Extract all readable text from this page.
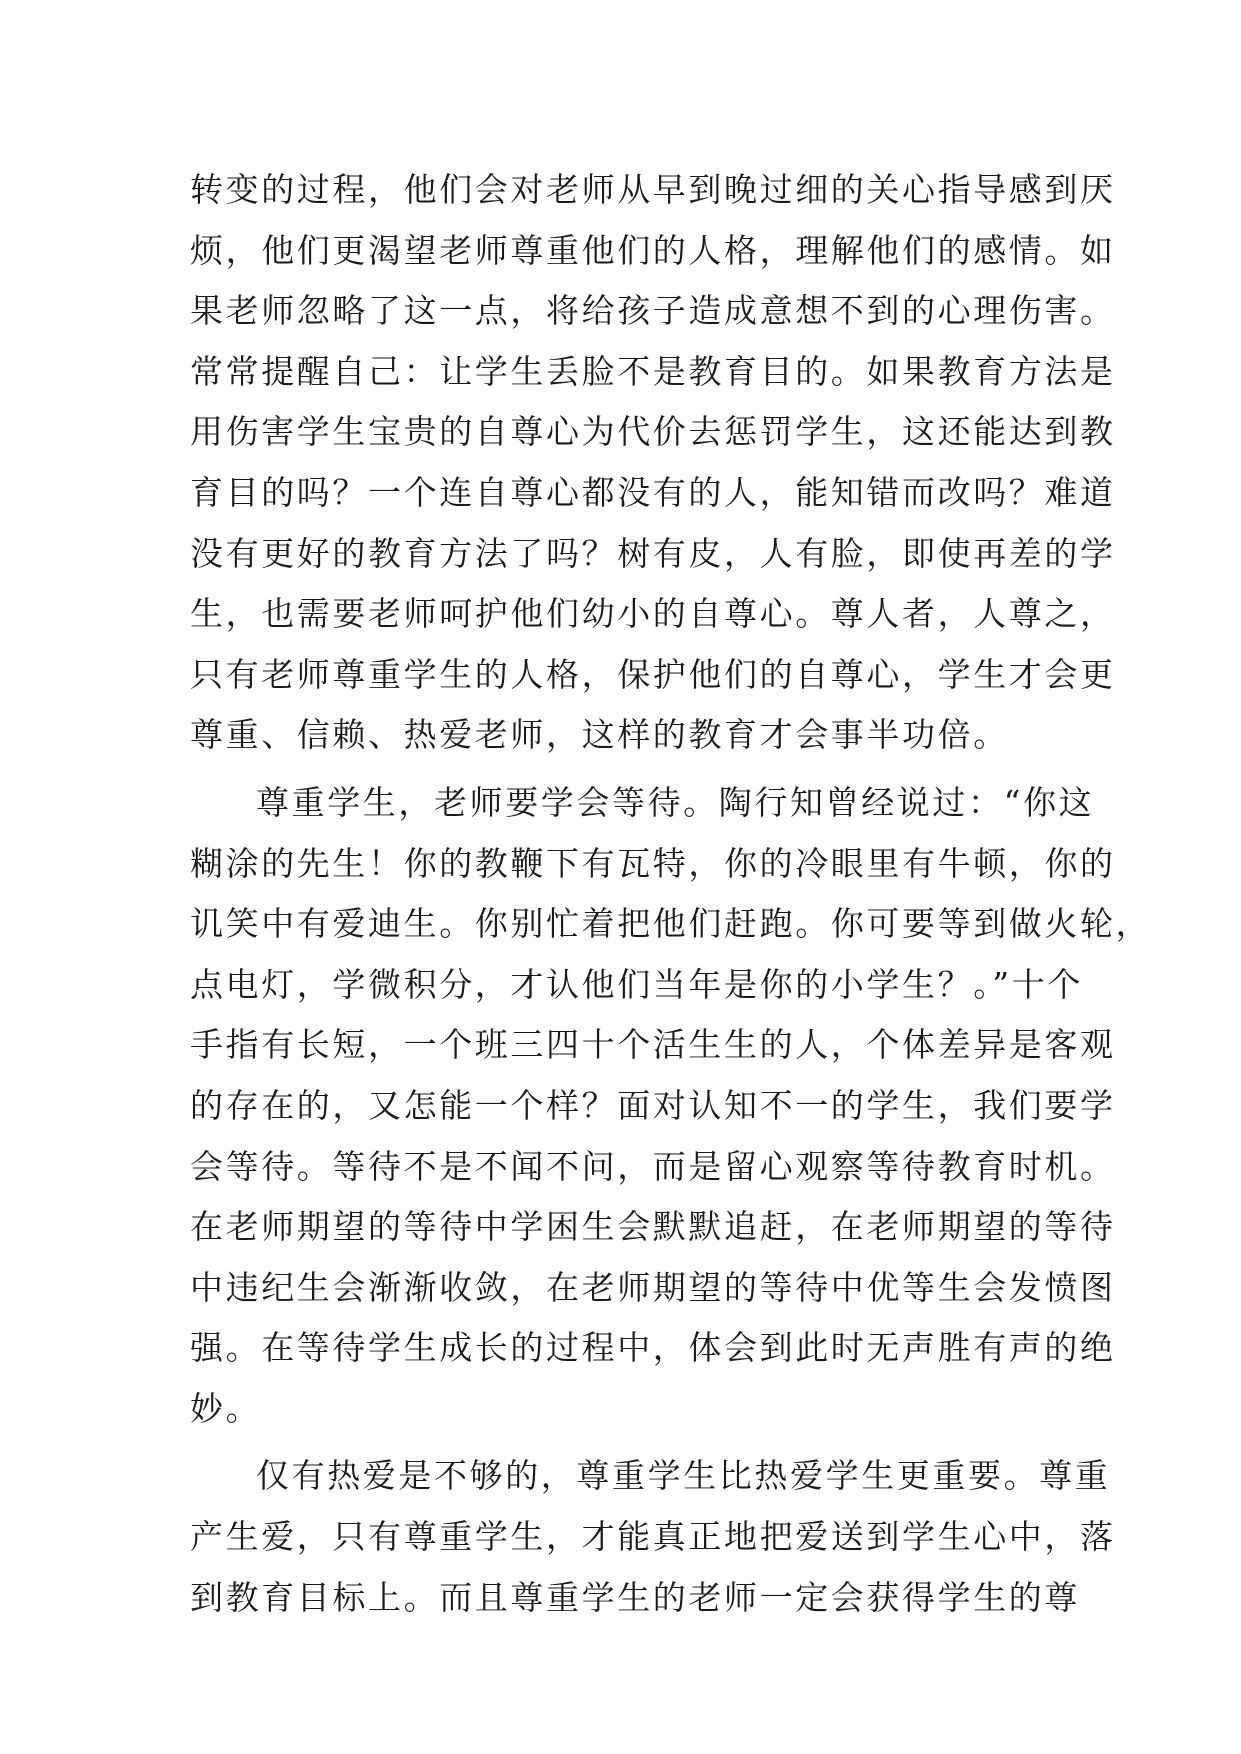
转变的过程，他们会对老师从早到晚过细的关心指导感到厌
烦，他们更渴望老师尊重他们的人格，理解他们的感情。如
果老师忽略了这一点，将给孩子造成意想不到的心理伤害。
常常提醒自己：让学生丢脸不是教育目的。如果教育方法是
用伤害学生宝贵的自尊心为代价去惩罚学生，这还能达到教
育目的吗？一个连自尊心都没有的人，能知错而改吗？难道
没有更好的教育方法了吗？树有皮，人有脸，即使再差的学
生，也需要老师呵护他们幼小的自尊心。尊人者，人尊之，
只有老师尊重学生的人格，保护他们的自尊心，学生才会更
尊重、信赖、热爱老师，这样的教育才会事半功倍。
尊重学生，老师要学会等待。陶行知曾经说过：“你这
糊涂的先生！你的教鞭下有瓦特，你的冷眼里有牛顿，你的
讥笑中有爱迪生。你别忙着把他们赶跑。你可要等到做火轮，
点电灯，学微积分，才认他们当年是你的小学生？。”十个
手指有长短，一个班三四十个活生生的人，个体差异是客观
的存在的，又怎能一个样？面对认知不一的学生，我们要学
会等待。等待不是不闻不问，而是留心观察等待教育时机。
在老师期望的等待中学困生会默默追赶，在老师期望的等待
中违纪生会渐渐收敛，在老师期望的等待中优等生会发愤图
强。在等待学生成长的过程中，体会到此时无声胜有声的绝
妙。
仅有热爱是不够的，尊重学生比热爱学生更重要。尊重
产生爱，只有尊重学生，才能真正地把爱送到学生心中，落
到教育目标上。而且尊重学生的老师一定会获得学生的尊
